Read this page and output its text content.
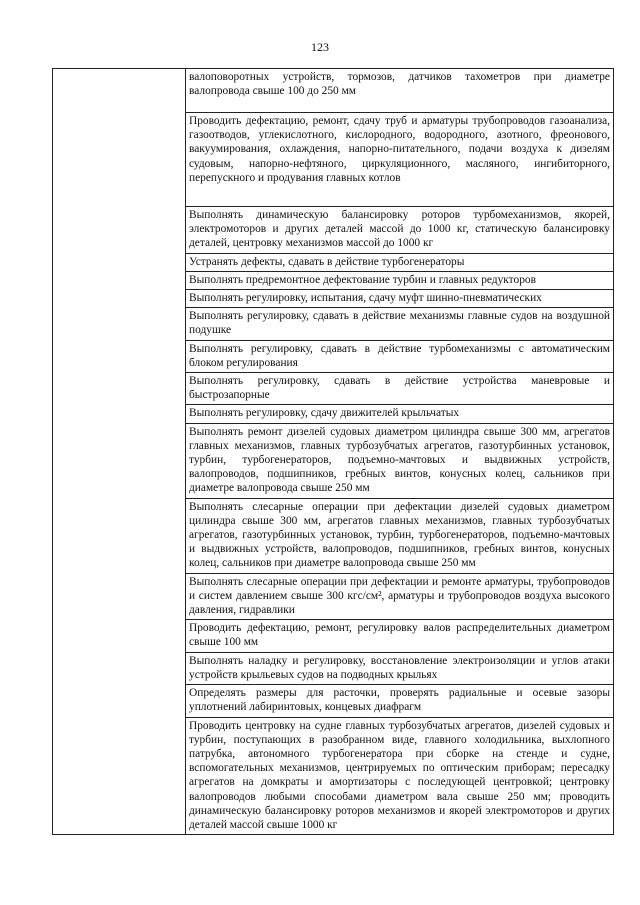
123
	валоповоротных устройств, тормозов, датчиков тахометров при диаметре валопровода свыше 100 до 250 мм
Проводить дефектацию, ремонт, сдачу труб и арматуры трубопроводов газоанализа, газоотводов, углекислотного, кислородного, водородного, азотного, фреонового, вакуумирования, охлаждения, напорно-питательного, подачи воздуха к дизелям судовым, напорно-нефтяного, циркуляционного, масляного, ингибиторного, перепускного и продувания главных котлов
Выполнять динамическую балансировку роторов турбомеханизмов, якорей, электромоторов и других деталей массой до 1000 кг, статическую балансировку деталей, центровку механизмов массой до 1000 кг
Устранять дефекты, сдавать в действие турбогенераторы
Выполнять предремонтное дефектование турбин и главных редукторов
Выполнять регулировку, испытания, сдачу муфт шинно-пневматических
Выполнять регулировку, сдавать в действие механизмы главные судов на воздушной подушке
Выполнять регулировку, сдавать в действие турбомеханизмы с автоматическим блоком регулирования
Выполнять регулировку, сдавать в действие устройства маневровые и быстрозапорные
Выполнять регулировку, сдачу движителей крыльчатых
Выполнять ремонт дизелей судовых диаметром цилиндра свыше 300 мм, агрегатов главных механизмов, главных турбозубчатых агрегатов, газотурбинных установок, турбин, турбогенераторов, подъемно-мачтовых и выдвижных устройств, валопроводов, подшипников, гребных винтов, конусных колец, сальников при диаметре валопровода свыше 250 мм
Выполнять слесарные операции при дефектации дизелей судовых диаметром цилиндра свыше 300 мм, агрегатов главных механизмов, главных турбозубчатых агрегатов, газотурбинных установок, турбин, турбогенераторов, подъемно-мачтовых и выдвижных устройств, валопроводов, подшипников, гребных винтов, конусных колец, сальников при диаметре валопровода свыше 250 мм
Выполнять слесарные операции при дефектации и ремонте арматуры, трубопроводов и систем давлением свыше 300 кгс/см², арматуры и трубопроводов воздуха высокого давления, гидравлики
Проводить дефектацию, ремонт, регулировку валов распределительных диаметром свыше 100 мм
Выполнять наладку и регулировку, восстановление электроизоляции и углов атаки устройств крыльевых судов на подводных крыльях
Определять размеры для расточки, проверять радиальные и осевые зазоры уплотнений лабиринтовых, концевых диафрагм
Проводить центровку на судне главных турбозубчатых агрегатов, дизелей судовых и турбин, поступающих в разобранном виде, главного холодильника, выхлопного патрубка, автономного турбогенератора при сборке на стенде и судне, вспомогательных механизмов, центрируемых по оптическим приборам; пересадку агрегатов на домкраты и амортизаторы с последующей центровкой; центровку валопроводов любыми способами диаметром вала свыше 250 мм; проводить динамическую балансировку роторов механизмов и якорей электромоторов и других деталей массой свыше 1000 кг
